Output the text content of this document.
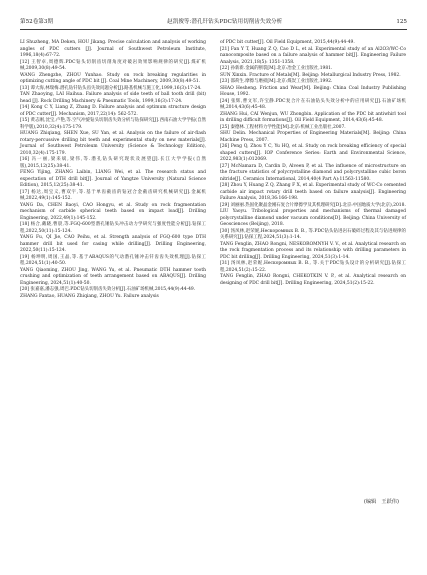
第52卷第3期	赵凯俊等:潜孔钎钻头PDC钻用切削齿失效分析	125

LI Shuzheng, MA Deken, HOU Jikang. Precise calculation and analysis of working angles of PDC cutters [J]. Journal of Southwest Petroleum Institute, 1996,18(4):67-72.

[12] 王智卓,周德辉.PDC钻头切削齿切削角度对破岩效果影响规律的研究[J].煤矿机械,2009,30(8):49-54.

WANG Zhengzhe, ZHOU Yunhao. Study on rock breaking regularities in optimizing cutting angle of PDC bit [J]. Coal Mine Machinery, 2009,30(8):49-51.

[13] 谭大海,林瑞梅.潜孔钻钎钻头齿失效问题分析[J].路基机械与施工化,1999,16(3):17-24.

TAN Zhaoying, LAI Haihua. Failure analysis of side teeth of ball tooth drill (bit) head [J]. Rock Drilling Machinery & Pneumatic Tools, 1999,16(3):17-24.

[14] Kong C Y, Liang Z, Zhang D. Failure analysis and optimum structure design of PDC cutter[J]. Mechanism, 2017,22(14): 562-572.

[15] 黄志刚,沈宝,卢艳,等.空气冲旋钻头切削齿失效分析与钻探研究[J].西南石油大学学报(自然科学版),2010,32(4):175-179.

HUANG Zhiqiang, SHEN Xue, SU Yan, et al. Analysis on the failure of air-flash rotary-percussive drilling bit teeth and experimental study on new materials[J]. Journal of Southwest Petroleum University (Science & Technology Edition), 2010,32(4):175-179.

[16] 冯一丽,梁来斌,梁伟,等.潜孔钻头研究现状及展望[J].长江大学学报(自然版),2015,12(25):38-41.

FENG Yijing, ZHANG Laibin, LIANG Wei, et al. The research status and expectation of DTH drill bit[J]. Journal of Yangtze University (Natural Science Edition), 2015,12(25):38-41.

[17] 杨达,周宝义,曹双宇,等.基于单齿截齿的钻冠合金截齿研究机械研究[J].金属机械,2022,49(1):145-152.

YANG Da, CHEN Baoyi, CAO Hongyu, et al. Study on rock fragmentation mechanism of carbide spherical teeth based on impact load[J]. Drilling Engineering, 2022,49(1):145-152.

[18] 杨合,戴晓,曹晨,等.FGQ-600型潜孔锤钻头冲击动力学研究与强度性能分析[J].钻探工程,2022,50(11):15-124.

YANG Fu, QI Jie, CAO Peihu, et al. Strength analysis of FGQ-600 type DTH hammer drill bit used for casing while drilling[J]. Drilling Engineering, 2022,50(11):15-124.

[19] 杨坤明,周国,王晶,等.基于ABAQUS的气动潜孔锤冲击钎齿齿失效机理[J].钻探工程,2024,51(1):40-50.

YANG Qiaoming, ZHOU Jing, WANG Yu, et al. Pneumatic DTH hammer tooth crushing and optimization of teeth arrangement based on ABAQUS[J]. Drilling Engineering, 2024,51(1):40-50.

[20] 张嘉嘉,潘志强,周巴.PDC钻头切削齿失效分析[J].石油矿场机械,2015,44(9):44-49.

ZHANG Fantao, HUANG Zhiqiang, ZHOU Yu. Failure analysis

of PDC bit cutter[J]. Oil Field Equipment, 2015,44(9):44-49.

[21] Fan Y T, Huang Z Q, Cao D L, et al. Experimental study of an Al2O3/WC-Co nanocomposite based on a failure analysis of hammer bit[J]. Engineering Failure Analysis, 2021,18(5): 1351-1358.

[22] 孙新新.金属的断裂[M].北京:冶金工业出版社,1981.

SUN Xinxin. Fracture of Metals[M]. Beijing: Metallurgical Industry Press, 1982.

[23] 邵荷生.摩擦与磨损[M].北京:煤炭工业出版社,1992.

SHAO Hesheng. Friction and Wear[M]. Beijing: China Coal Industry Publishing House, 1992.

[24] 张辉,曹文军,许宝静.PDC复合片在石油钻头失效分析中的应用研究[J].石油矿场机械,2014,43(6):45-48.

ZHANG Hui, CAI Wenjun, WU Zhongbin. Application of the PDC bit antiwhirl tool in drilling difficult formations[J]. Oil Field Equipment, 2014,43(6):45-48.

[25] 秦德林.工程材料力学性能[M].北京:机械工业出版社,2007.

SHU Delin. Mechanical Properties of Engineering Materials[M]. Beijing: China Machine Press, 2007.

[26] Peng Q, Zhou Y C, Yu HQ, et al. Study on rock breaking efficiency of special shaped cutters[J]. IOP Conference Series: Earth and Environmental Science, 2022,983(1):012069.

[27] McNamara D, Cardin D, Alveen P, et al. The influence of microstructure on the fracture statistics of polycrystalline diamond and polycrystalline cubic boron nitride[J]. Ceramics International, 2014,40(4 Part A):11563-11580.

[28] Zhou Y, Huang Z Q, Zhang F X, et al. Experimental study of WC-Co cemented carbide air impact rotary drill teeth based on failure analysis[J]. Engineering Failure Analysis, 2018,36:166-198.

[29] 刘丽丽.热固化聚晶金刚石复合片摩擦学及其机理研究[D].北京:中国地质大学(北京),2018.

LIU Yaoyu. Tribological properties and mechanisms of thermal damaged polycrystalline diamond under vacuum conditions[D]. Beijing: China University of Geosciences (Beijing), 2018.

[30] 汤凤林,赵荣妮,Нескоромных В. В., 等.PDC钻头钻进岩石破碎过程及其与钻进规律的关系研究[J].钻探工程,2024,51(3):1-14.

TANG Fenglin, ZHAO Rongni, NESKOROMNYH V. V., et al. Analytical research on the rock fragmentation process and its relationship with drilling parameters in PDC bit drilling[J]. Drilling Engineering, 2024,51(3):1-14.

[31] 汤凤林,赵荣妮,Нескоромных В. В., 等.关于PDC钻头设计的分析研究[J].钻探工程,2024,51(2):15-22.

TANG Fenglin, ZHAO Rongni, CHEKOTKIN V. P., et al. Analytical research on designing of PDC drill bit[J]. Drilling Engineering, 2024,51(2):15-22.

(编辑　王跃伟)
